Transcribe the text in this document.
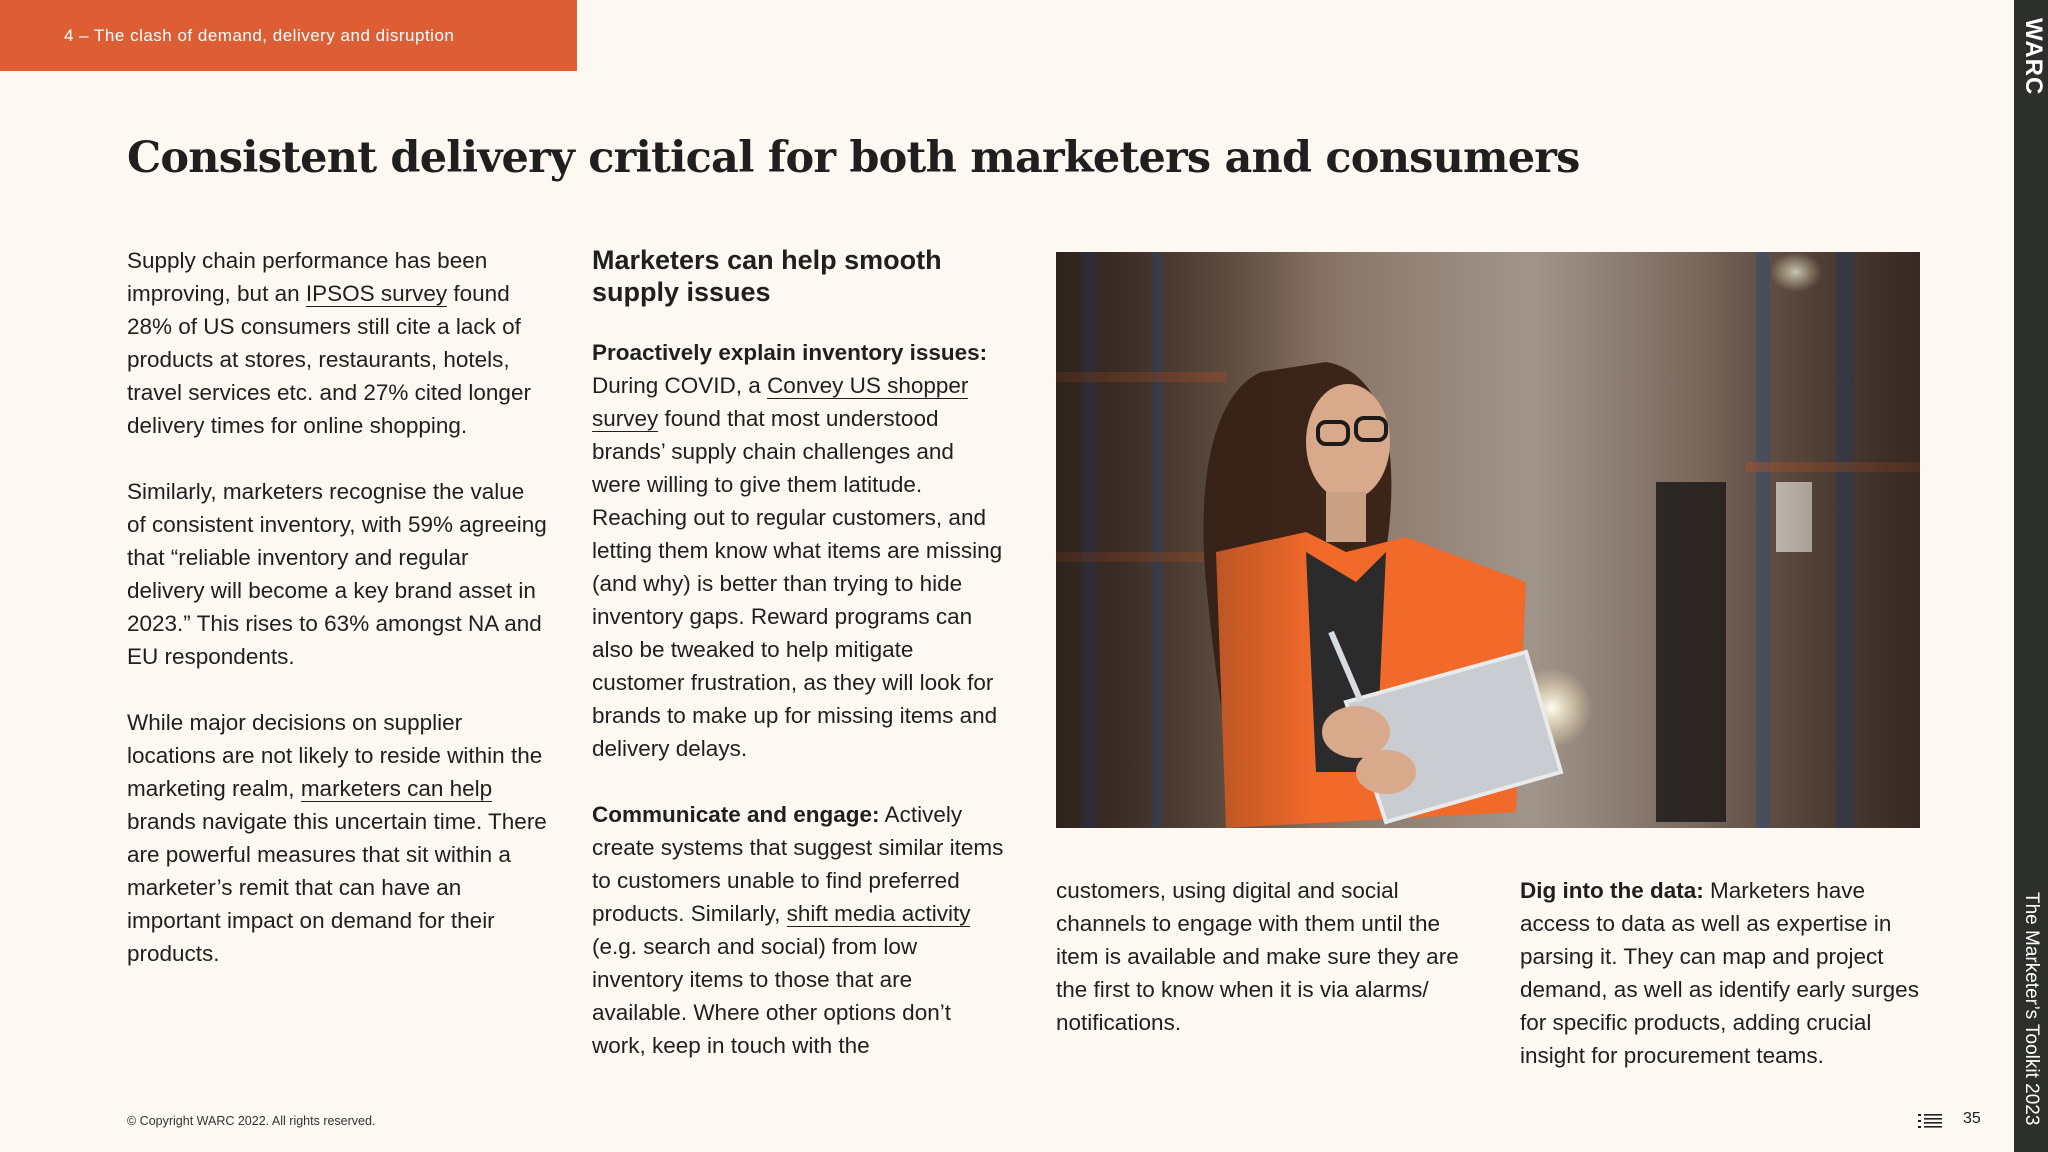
4 – The clash of demand, delivery and disruption	WARC
The Marketer’s Toolkit 2023
Consistent delivery critical for both marketers and consumers

Supply chain performance has been improving, but an IPSOS survey found 28% of US consumers still cite a lack of products at stores, restaurants, hotels, travel services etc. and 27% cited longer delivery times for online shopping.

Similarly, marketers recognise the value of consistent inventory, with 59% agreeing that “reliable inventory and regular delivery will become a key brand asset in 2023.” This rises to 63% amongst NA and EU respondents.

While major decisions on supplier locations are not likely to reside within the marketing realm, marketers can help brands navigate this uncertain time. There are powerful measures that sit within a marketer’s remit that can have an important impact on demand for their products.

Marketers can help smooth supply issues

Proactively explain inventory issues: During COVID, a Convey US shopper survey found that most understood brands’ supply chain challenges and were willing to give them latitude. Reaching out to regular customers, and letting them know what items are missing (and why) is better than trying to hide inventory gaps. Reward programs can also be tweaked to help mitigate customer frustration, as they will look for brands to make up for missing items and delivery delays.

Communicate and engage: Actively create systems that suggest similar items to customers unable to find preferred products. Similarly, shift media activity (e.g. search and social) from low inventory items to those that are available. Where other options don’t work, keep in touch with the

customers, using digital and social channels to engage with them until the item is available and make sure they are the first to know when it is via alarms/ notifications.

Dig into the data: Marketers have access to data as well as expertise in parsing it. They can map and project demand, as well as identify early surges for specific products, adding crucial insight for procurement teams.

© Copyright WARC 2022. All rights reserved.	35
